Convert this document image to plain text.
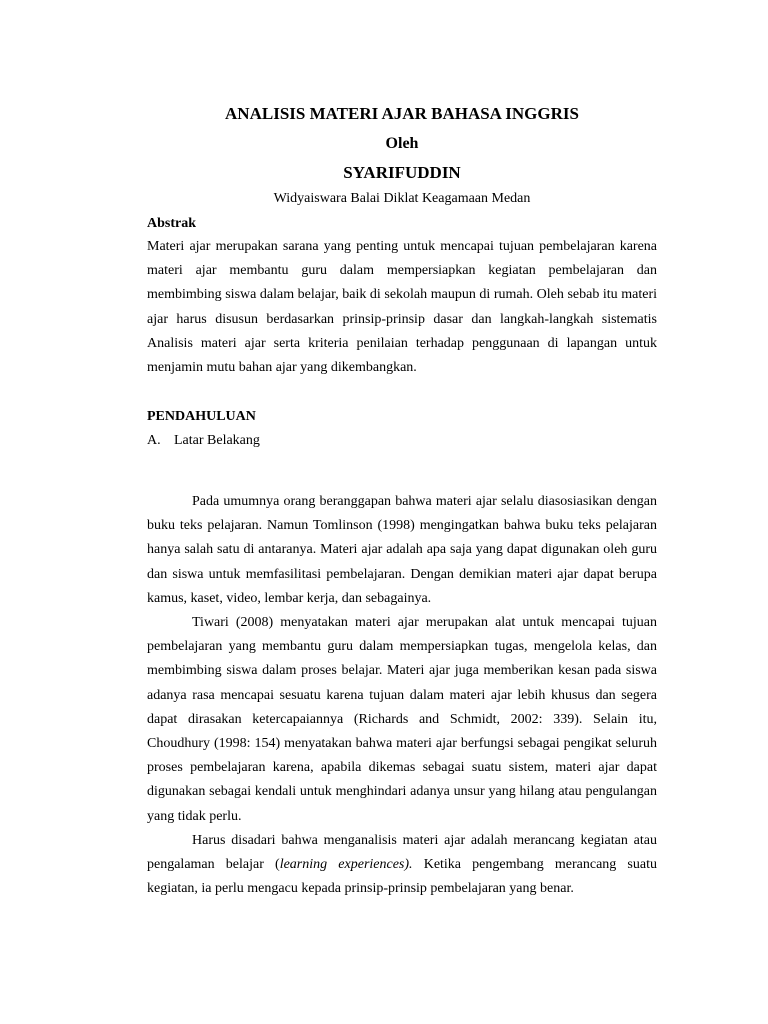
ANALISIS MATERI AJAR BAHASA INGGRIS
Oleh
SYARIFUDDIN
Widyaiswara Balai Diklat Keagamaan Medan
Abstrak

Materi ajar merupakan sarana yang penting untuk mencapai tujuan pembelajaran karena materi ajar membantu guru dalam mempersiapkan kegiatan pembelajaran dan membimbing siswa dalam belajar, baik di sekolah maupun di rumah. Oleh sebab itu materi ajar harus disusun berdasarkan prinsip-prinsip dasar dan langkah-langkah sistematis Analisis materi ajar serta kriteria penilaian terhadap penggunaan di lapangan untuk menjamin mutu bahan ajar yang dikembangkan.

PENDAHULUAN
A. Latar Belakang

Pada umumnya orang beranggapan bahwa materi ajar selalu diasosiasikan dengan buku teks pelajaran. Namun Tomlinson (1998) mengingatkan bahwa buku teks pelajaran hanya salah satu di antaranya. Materi ajar adalah apa saja yang dapat digunakan oleh guru dan siswa untuk memfasilitasi pembelajaran. Dengan demikian materi ajar dapat berupa kamus, kaset, video, lembar kerja, dan sebagainya.

Tiwari (2008) menyatakan materi ajar merupakan alat untuk mencapai tujuan pembelajaran yang membantu guru dalam mempersiapkan tugas, mengelola kelas, dan membimbing siswa dalam proses belajar. Materi ajar juga memberikan kesan pada siswa adanya rasa mencapai sesuatu karena tujuan dalam materi ajar lebih khusus dan segera dapat dirasakan ketercapaiannya (Richards and Schmidt, 2002: 339). Selain itu, Choudhury (1998: 154) menyatakan bahwa materi ajar berfungsi sebagai pengikat seluruh proses pembelajaran karena, apabila dikemas sebagai suatu sistem, materi ajar dapat digunakan sebagai kendali untuk menghindari adanya unsur yang hilang atau pengulangan yang tidak perlu.

Harus disadari bahwa menganalisis materi ajar adalah merancang kegiatan atau pengalaman belajar (learning experiences). Ketika pengembang merancang suatu kegiatan, ia perlu mengacu kepada prinsip-prinsip pembelajaran yang benar.
